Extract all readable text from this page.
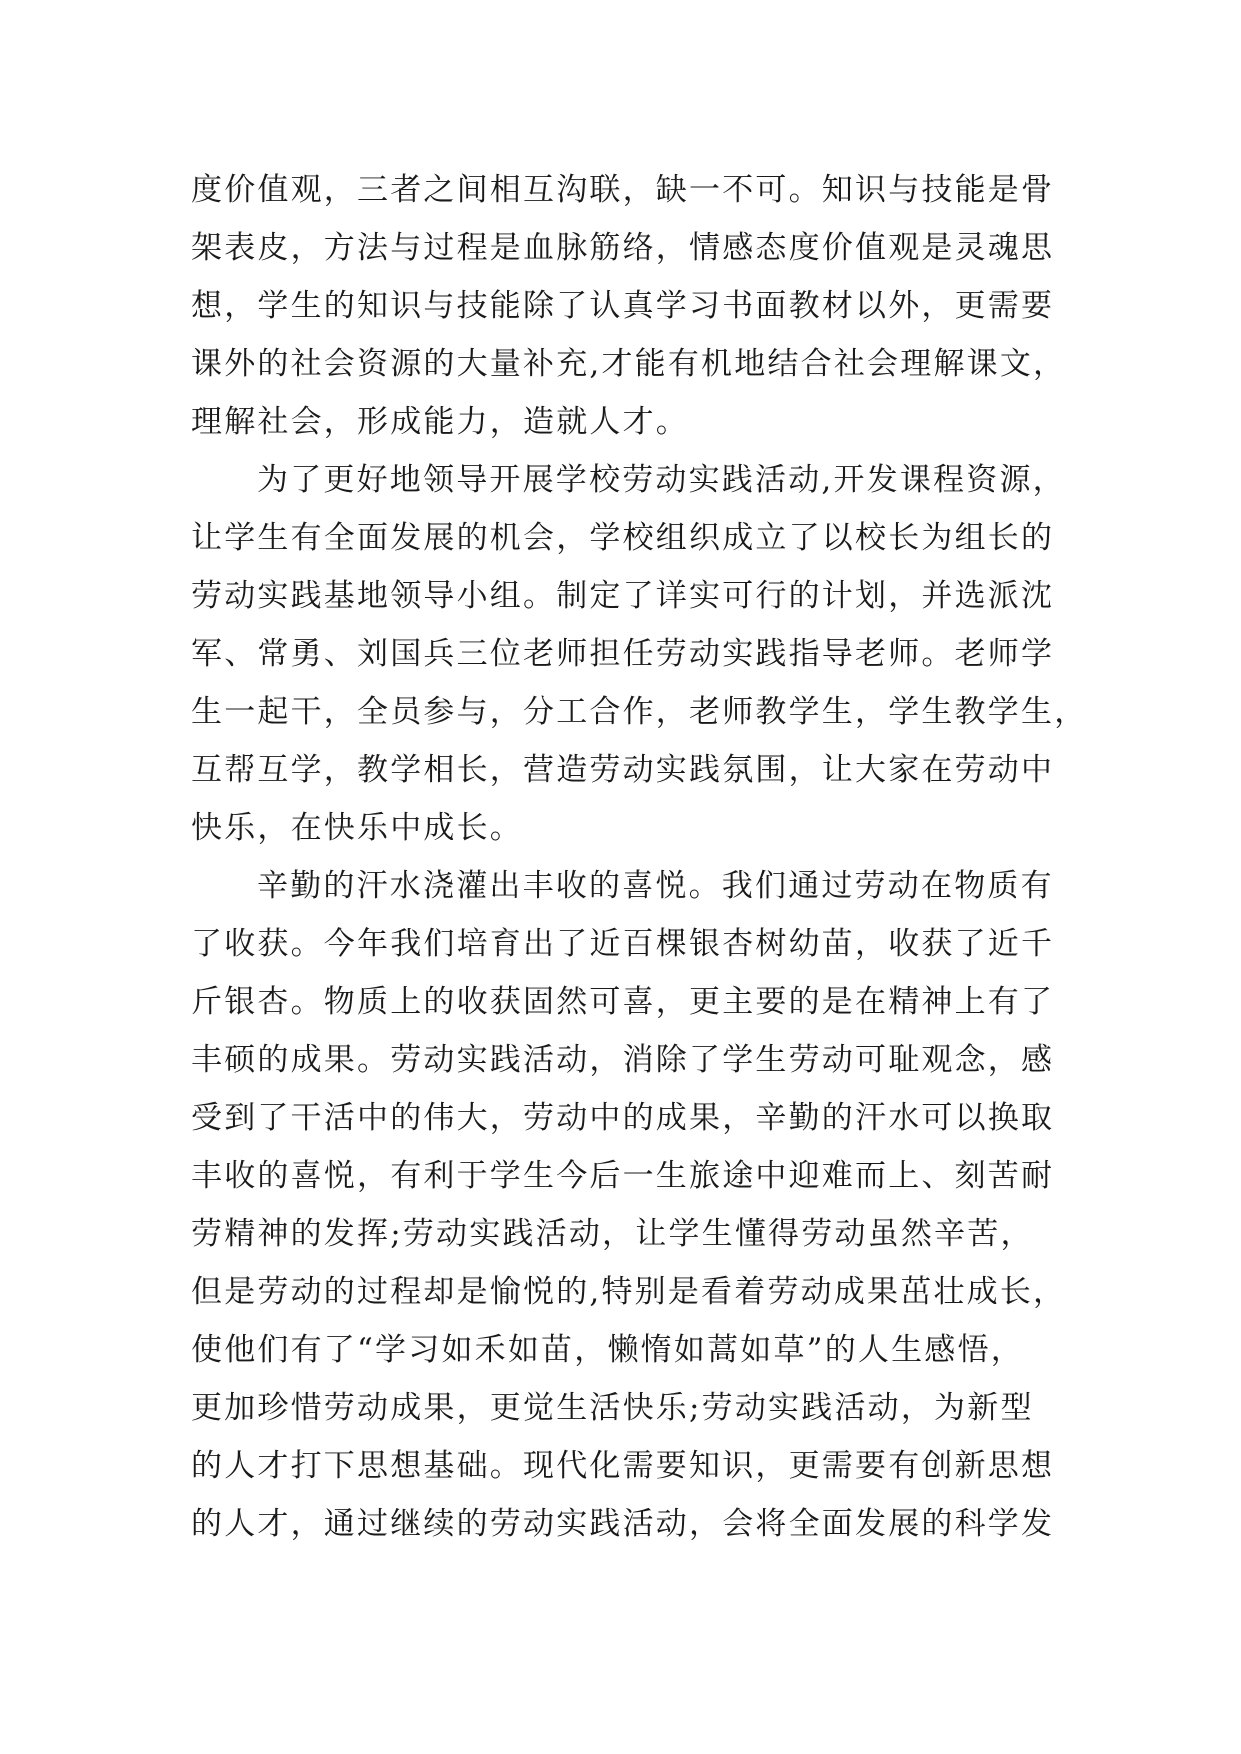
度价值观，三者之间相互沟联，缺一不可。知识与技能是骨
架表皮，方法与过程是血脉筋络，情感态度价值观是灵魂思
想，学生的知识与技能除了认真学习书面教材以外，更需要
课外的社会资源的大量补充,才能有机地结合社会理解课文，
理解社会，形成能力，造就人才。
为了更好地领导开展学校劳动实践活动,开发课程资源，
让学生有全面发展的机会，学校组织成立了以校长为组长的
劳动实践基地领导小组。制定了详实可行的计划，并选派沈
军、常勇、刘国兵三位老师担任劳动实践指导老师。老师学
生一起干，全员参与，分工合作，老师教学生，学生教学生，
互帮互学，教学相长，营造劳动实践氛围，让大家在劳动中
快乐，在快乐中成长。
辛勤的汗水浇灌出丰收的喜悦。我们通过劳动在物质有
了收获。今年我们培育出了近百棵银杏树幼苗，收获了近千
斤银杏。物质上的收获固然可喜，更主要的是在精神上有了
丰硕的成果。劳动实践活动，消除了学生劳动可耻观念，感
受到了干活中的伟大，劳动中的成果，辛勤的汗水可以换取
丰收的喜悦，有利于学生今后一生旅途中迎难而上、刻苦耐
劳精神的发挥;劳动实践活动，让学生懂得劳动虽然辛苦，
但是劳动的过程却是愉悦的,特别是看着劳动成果茁壮成长，
使他们有了“学习如禾如苗，懒惰如蒿如草”的人生感悟，
更加珍惜劳动成果，更觉生活快乐;劳动实践活动，为新型
的人才打下思想基础。现代化需要知识，更需要有创新思想
的人才，通过继续的劳动实践活动，会将全面发展的科学发
